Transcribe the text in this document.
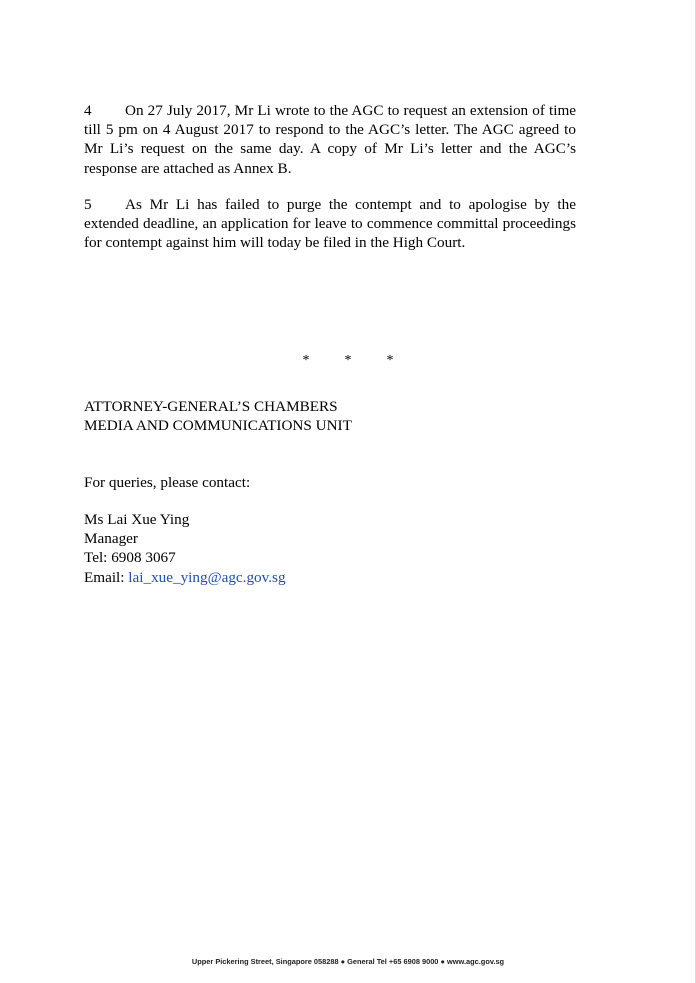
4 On 27 July 2017, Mr Li wrote to the AGC to request an extension of time till 5 pm on 4 August 2017 to respond to the AGC’s letter. The AGC agreed to Mr Li’s request on the same day. A copy of Mr Li’s letter and the AGC’s response are attached as Annex B.

5 As Mr Li has failed to purge the contempt and to apologise by the extended deadline, an application for leave to commence committal proceedings for contempt against him will today be filed in the High Court.

*	*	*
ATTORNEY-GENERAL’S CHAMBERS
MEDIA AND COMMUNICATIONS UNIT
For queries, please contact:
Ms Lai Xue Ying
Manager
Tel: 6908 3067
Email: lai_xue_ying@agc.gov.sg
Upper Pickering Street, Singapore 058288 ● General Tel +65 6908 9000 ● www.agc.gov.sg
